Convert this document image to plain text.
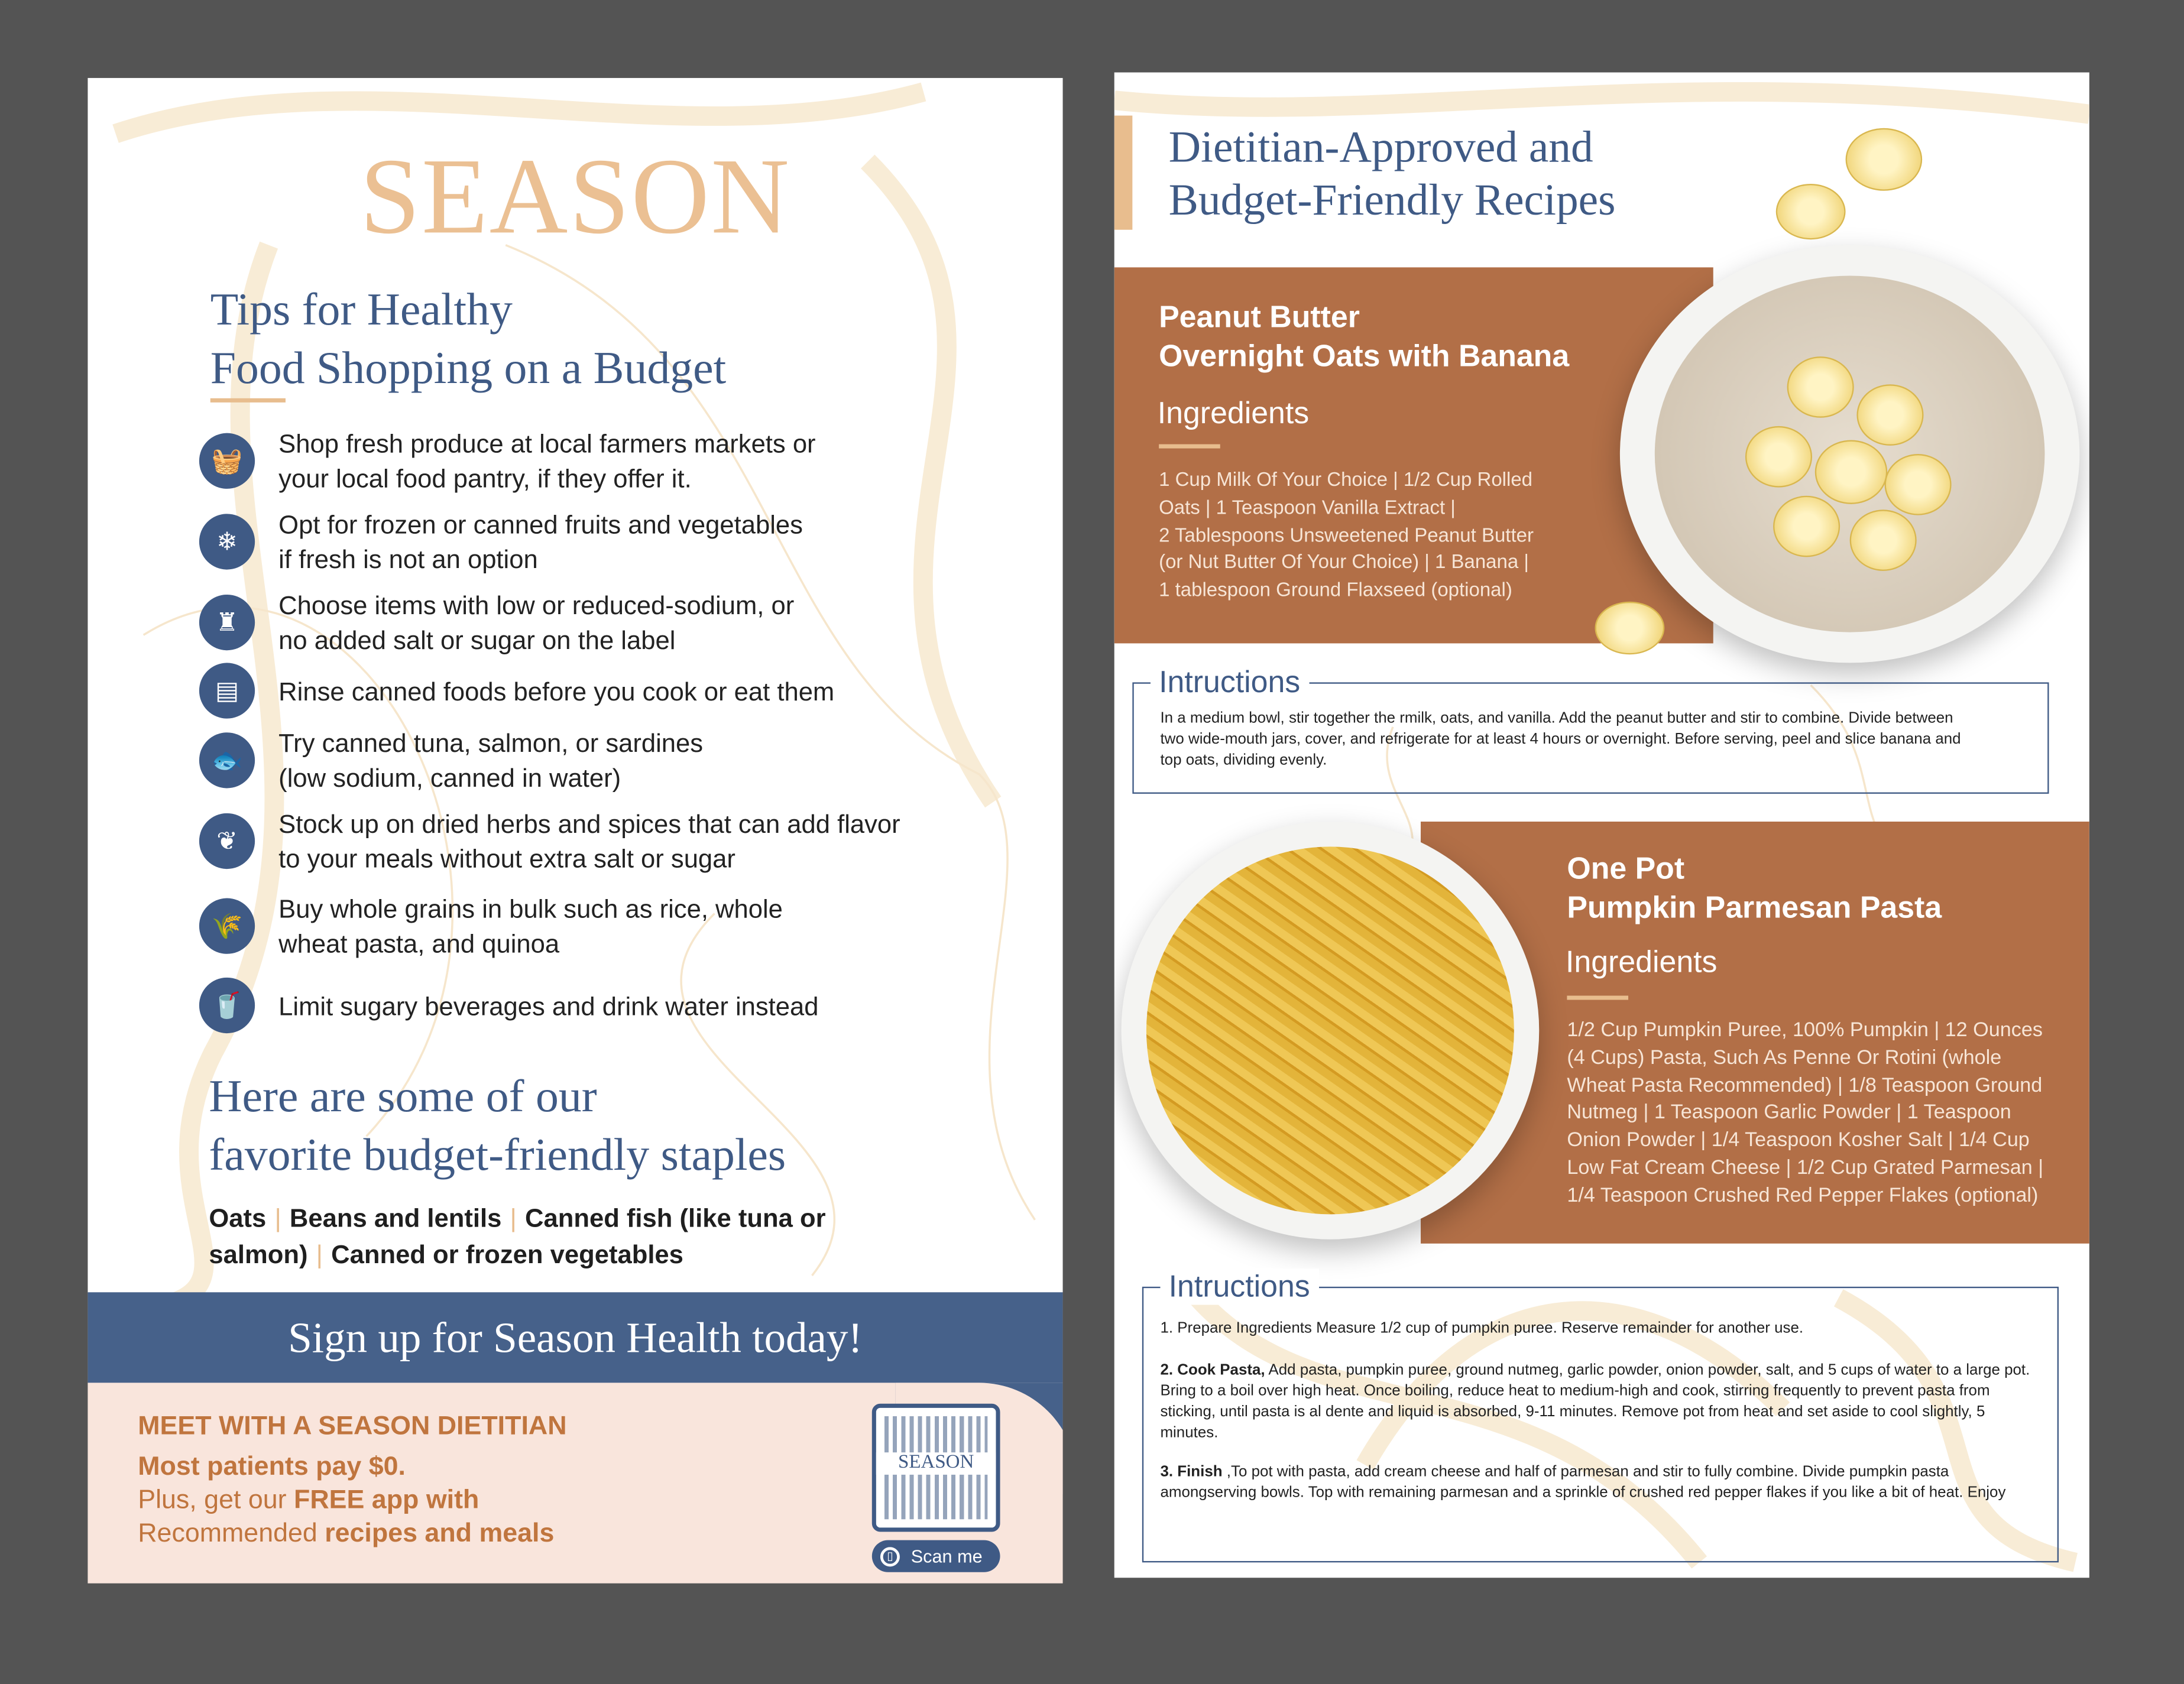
SEASON
Tips for Healthy
Food Shopping on a Budget
🧺
Shop fresh produce at local farmers markets or
your local food pantry, if they offer it.
❄
Opt for frozen or canned fruits and vegetables
if fresh is not an option
♜
Choose items with low or reduced-sodium, or
no added salt or sugar on the label
▤	Rinse canned foods before you cook or eat them
🐟
Try canned tuna, salmon, or sardines
(low sodium, canned in water)
❦
Stock up on dried herbs and spices that can add flavor
to your meals without extra salt or sugar
🌾
Buy whole grains in bulk such as rice, whole
wheat pasta, and quinoa
🥤	Limit sugary beverages and drink water instead
Here are some of our
favorite budget-friendly staples
Oats | Beans and lentils | Canned fish (like tuna or salmon) | Canned or frozen vegetables
Sign up for Season Health today!
MEET WITH A SEASON DIETITIAN
Most patients pay $0.
Plus, get our FREE app with
Recommended recipes and meals
SEASON
▯	Scan me
Dietitian-Approved and
Budget-Friendly Recipes
Peanut Butter
Overnight Oats with Banana
Ingredients
1 Cup Milk Of Your Choice | 1/2 Cup Rolled
Oats | 1 Teaspoon Vanilla Extract |
2 Tablespoons Unsweetened Peanut Butter
(or Nut Butter Of Your Choice) | 1 Banana |
1 tablespoon Ground Flaxseed (optional)
Intructions
In a medium bowl, stir together the rmilk, oats, and vanilla. Add the peanut butter and stir to combine. Divide between
two wide-mouth jars, cover, and refrigerate for at least 4 hours or overnight. Before serving, peel and slice banana and
top oats, dividing evenly.
One Pot
Pumpkin Parmesan Pasta
Ingredients
1/2 Cup Pumpkin Puree, 100% Pumpkin | 12 Ounces
(4 Cups) Pasta, Such As Penne Or Rotini (whole
Wheat Pasta Recommended) | 1/8 Teaspoon Ground
Nutmeg | 1 Teaspoon Garlic Powder | 1 Teaspoon
Onion Powder | 1/4 Teaspoon Kosher Salt | 1/4 Cup
Low Fat Cream Cheese | 1/2 Cup Grated Parmesan |
1/4 Teaspoon Crushed Red Pepper Flakes (optional)
Intructions
1. Prepare Ingredients Measure 1/2 cup of pumpkin puree. Reserve remainder for another use.
2. Cook Pasta, Add pasta, pumpkin puree, ground nutmeg, garlic powder, onion powder, salt, and 5 cups of water to a large pot. Bring to a boil over high heat. Once boiling, reduce heat to medium-high and cook, stirring frequently to prevent pasta from sticking, until pasta is al dente and liquid is absorbed, 9-11 minutes. Remove pot from heat and set aside to cool slightly, 5 minutes.
3. Finish ,To pot with pasta, add cream cheese and half of parmesan and stir to fully combine. Divide pumpkin pasta amongserving bowls. Top with remaining parmesan and a sprinkle of crushed red pepper flakes if you like a bit of heat. Enjoy
